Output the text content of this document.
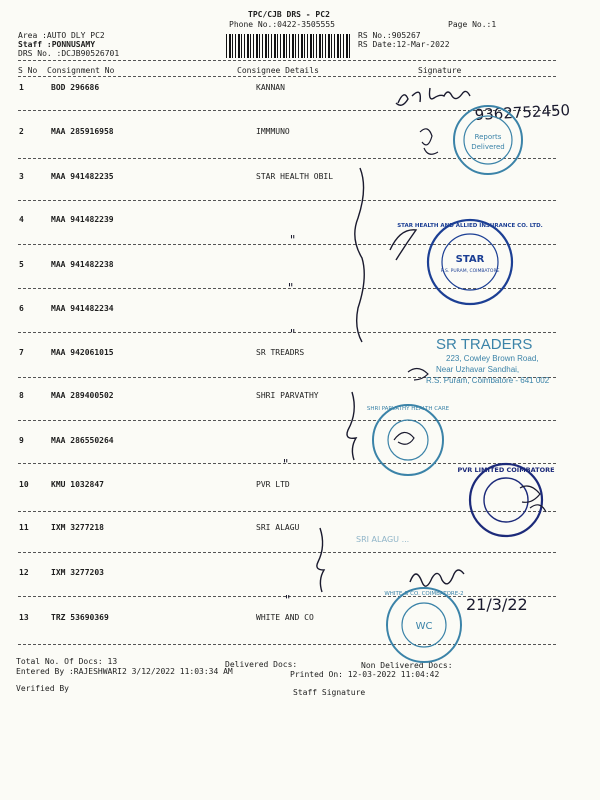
TPC/CJB DRS - PC2
Phone No.:0422-3505555	Page No.:1
Area :AUTO DLY PC2
Staff :PONNUSAMY
DRS No. :DCJB90526701
RS No.:905267
RS Date:12-Mar-2022
S No Consignment No	Consignee Details	Signature
1	BOD 296686	KANNAN
2	MAA 285916958	IMMMUNO
3	MAA 941482235	STAR HEALTH OBIL
4	MAA 941482239
5	MAA 941482238
6	MAA 941482234
7	MAA 942061015	SR TREADRS
8	MAA 289400502	SHRI PARVATHY
9	MAA 286550264
10	KMU 1032847	PVR LTD
11	IXM 3277218	SRI ALAGU
12	IXM 3277203
13	TRZ 53690369	WHITE AND CO
Total No. Of Docs: 13	Delivered Docs:	Non Delivered Docs:
Entered By :RAJESHWARI2 3/12/2022 11:03:34 AM	Printed On: 12-03-2022 11:04:42
Verified By	Staff Signature
9362752450
Reports
Delivered
"
"
"
STAR
R.S. PURAM, COIMBATORE
STAR HEALTH AND ALLIED INSURANCE CO. LTD.
SR TRADERS
223, Cowley Brown Road,
Near Uzhavar Sandhai,
R.S. Puram, Coimbatore - 641 002
"
SHRI PARVATHY HEALTH CARE
PVR LIMITED COIMBATORE
SRI ALAGU ...
"	21/3/22
WC
WHITE & CO. COIMBATORE-2
